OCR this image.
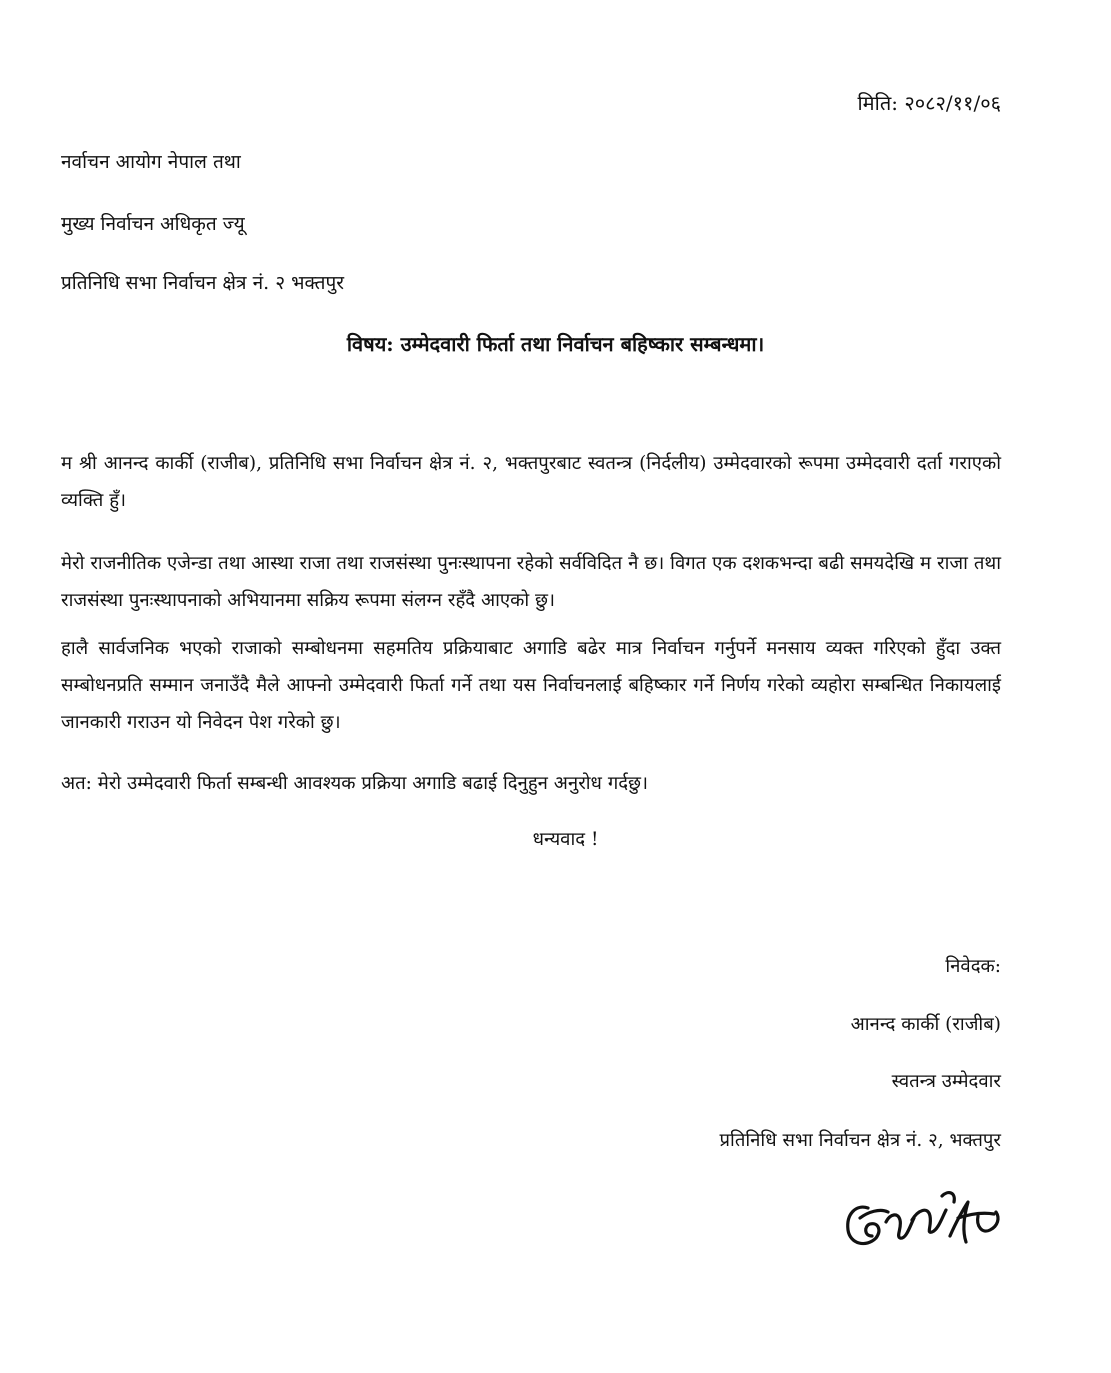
मिति: २०८२/११/०६
नर्वाचन आयोग नेपाल तथा
मुख्य निर्वाचन अधिकृत ज्यू
प्रतिनिधि सभा निर्वाचन क्षेत्र नं. २ भक्तपुर
विषय: उम्मेदवारी फिर्ता तथा निर्वाचन बहिष्कार सम्बन्धमा।

म श्री आनन्द कार्की (राजीब), प्रतिनिधि सभा निर्वाचन क्षेत्र नं. २, भक्तपुरबाट स्वतन्त्र (निर्दलीय) उम्मेदवारको रूपमा उम्मेदवारी दर्ता गराएको व्यक्ति हुँ।

मेरो राजनीतिक एजेन्डा तथा आस्था राजा तथा राजसंस्था पुनःस्थापना रहेको सर्वविदित नै छ। विगत एक दशकभन्दा बढी समयदेखि म राजा तथा राजसंस्था पुनःस्थापनाको अभियानमा सक्रिय रूपमा संलग्न रहँदै आएको छु।

हालै सार्वजनिक भएको राजाको सम्बोधनमा सहमतिय प्रक्रियाबाट अगाडि बढेर मात्र निर्वाचन गर्नुपर्ने मनसाय व्यक्त गरिएको हुँदा उक्त सम्बोधनप्रति सम्मान जनाउँदै मैले आफ्नो उम्मेदवारी फिर्ता गर्ने तथा यस निर्वाचनलाई बहिष्कार गर्ने निर्णय गरेको व्यहोरा सम्बन्धित निकायलाई जानकारी गराउन यो निवेदन पेश गरेको छु।

अत: मेरो उम्मेदवारी फिर्ता सम्बन्धी आवश्यक प्रक्रिया अगाडि बढाई दिनुहुन अनुरोध गर्दछु।

धन्यवाद !
निवेदक:
आनन्द कार्की (राजीब)
स्वतन्त्र उम्मेदवार
प्रतिनिधि सभा निर्वाचन क्षेत्र नं. २, भक्तपुर
